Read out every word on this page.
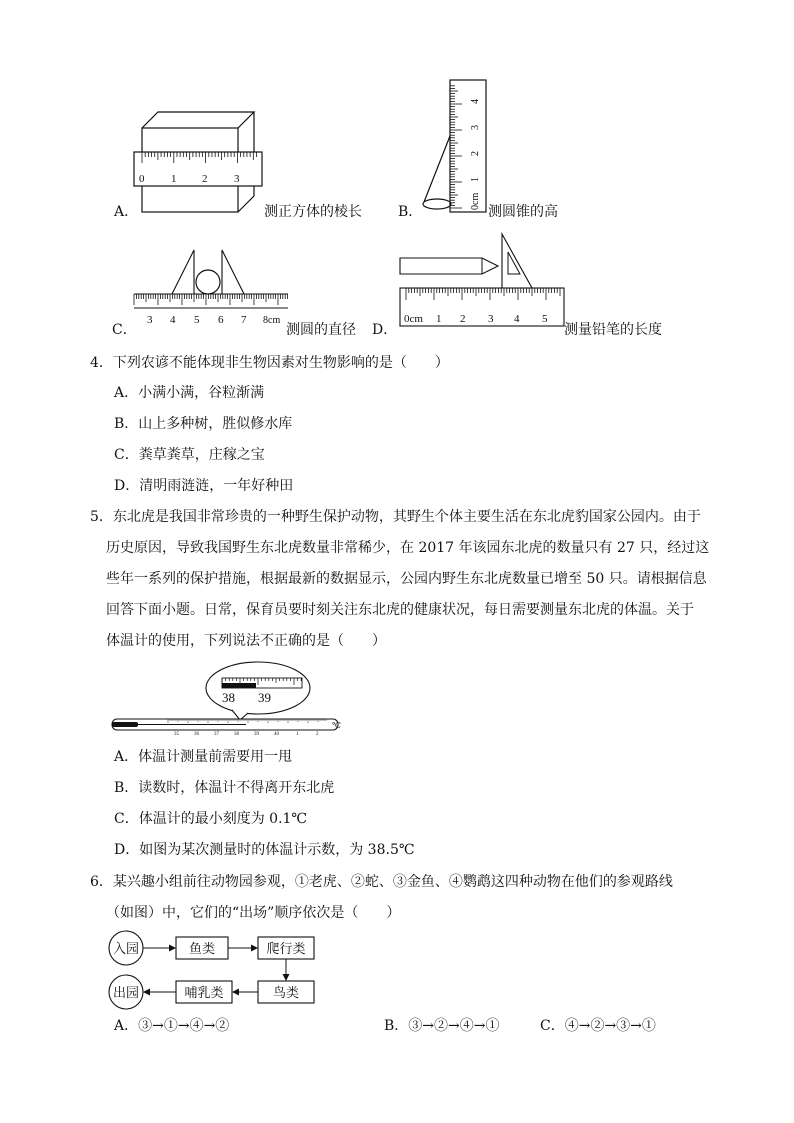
0 1 2 3
A．	测正方体的棱长
4
3
2
1
0cm
B．	测圆锥的高
3 4 5 6 7 8cm
C．	测圆的直径
0cm 1 2 3 4 5
D．	测量铅笔的长度
4．下列农谚不能体现非生物因素对生物影响的是（　　）
A．小满小满，谷粒渐满
B．山上多种树，胜似修水库
C．粪草粪草，庄稼之宝
D．清明雨涟涟，一年好种田
5．东北虎是我国非常珍贵的一种野生保护动物，其野生个体主要生活在东北虎豹国家公园内。由于
历史原因，导致我国野生东北虎数量非常稀少，在 2017 年该园东北虎的数量只有 27 只，经过这
些年一系列的保护措施，根据最新的数据显示，公园内野生东北虎数量已增至 50 只。请根据信息
回答下面小题。日常，保育员要时刻关注东北虎的健康状况，每日需要测量东北虎的体温。关于
体温计的使用，下列说法不正确的是（　　）
38 39
35	36	37	38	39	40	1	2
℃
A．体温计测量前需要用一甩
B．读数时，体温计不得离开东北虎
C．体温计的最小刻度为 0.1℃
D．如图为某次测量时的体温计示数，为 38.5℃
6．某兴趣小组前往动物园参观，①老虎、②蛇、③金鱼、④鹦鹉这四种动物在他们的参观路线
（如图）中，它们的“出场”顺序依次是（　　）
入园	鱼类	爬行类
鸟类
哺乳类
出园
A．③→①→④→②	B．③→②→④→①	C．④→②→③→①
